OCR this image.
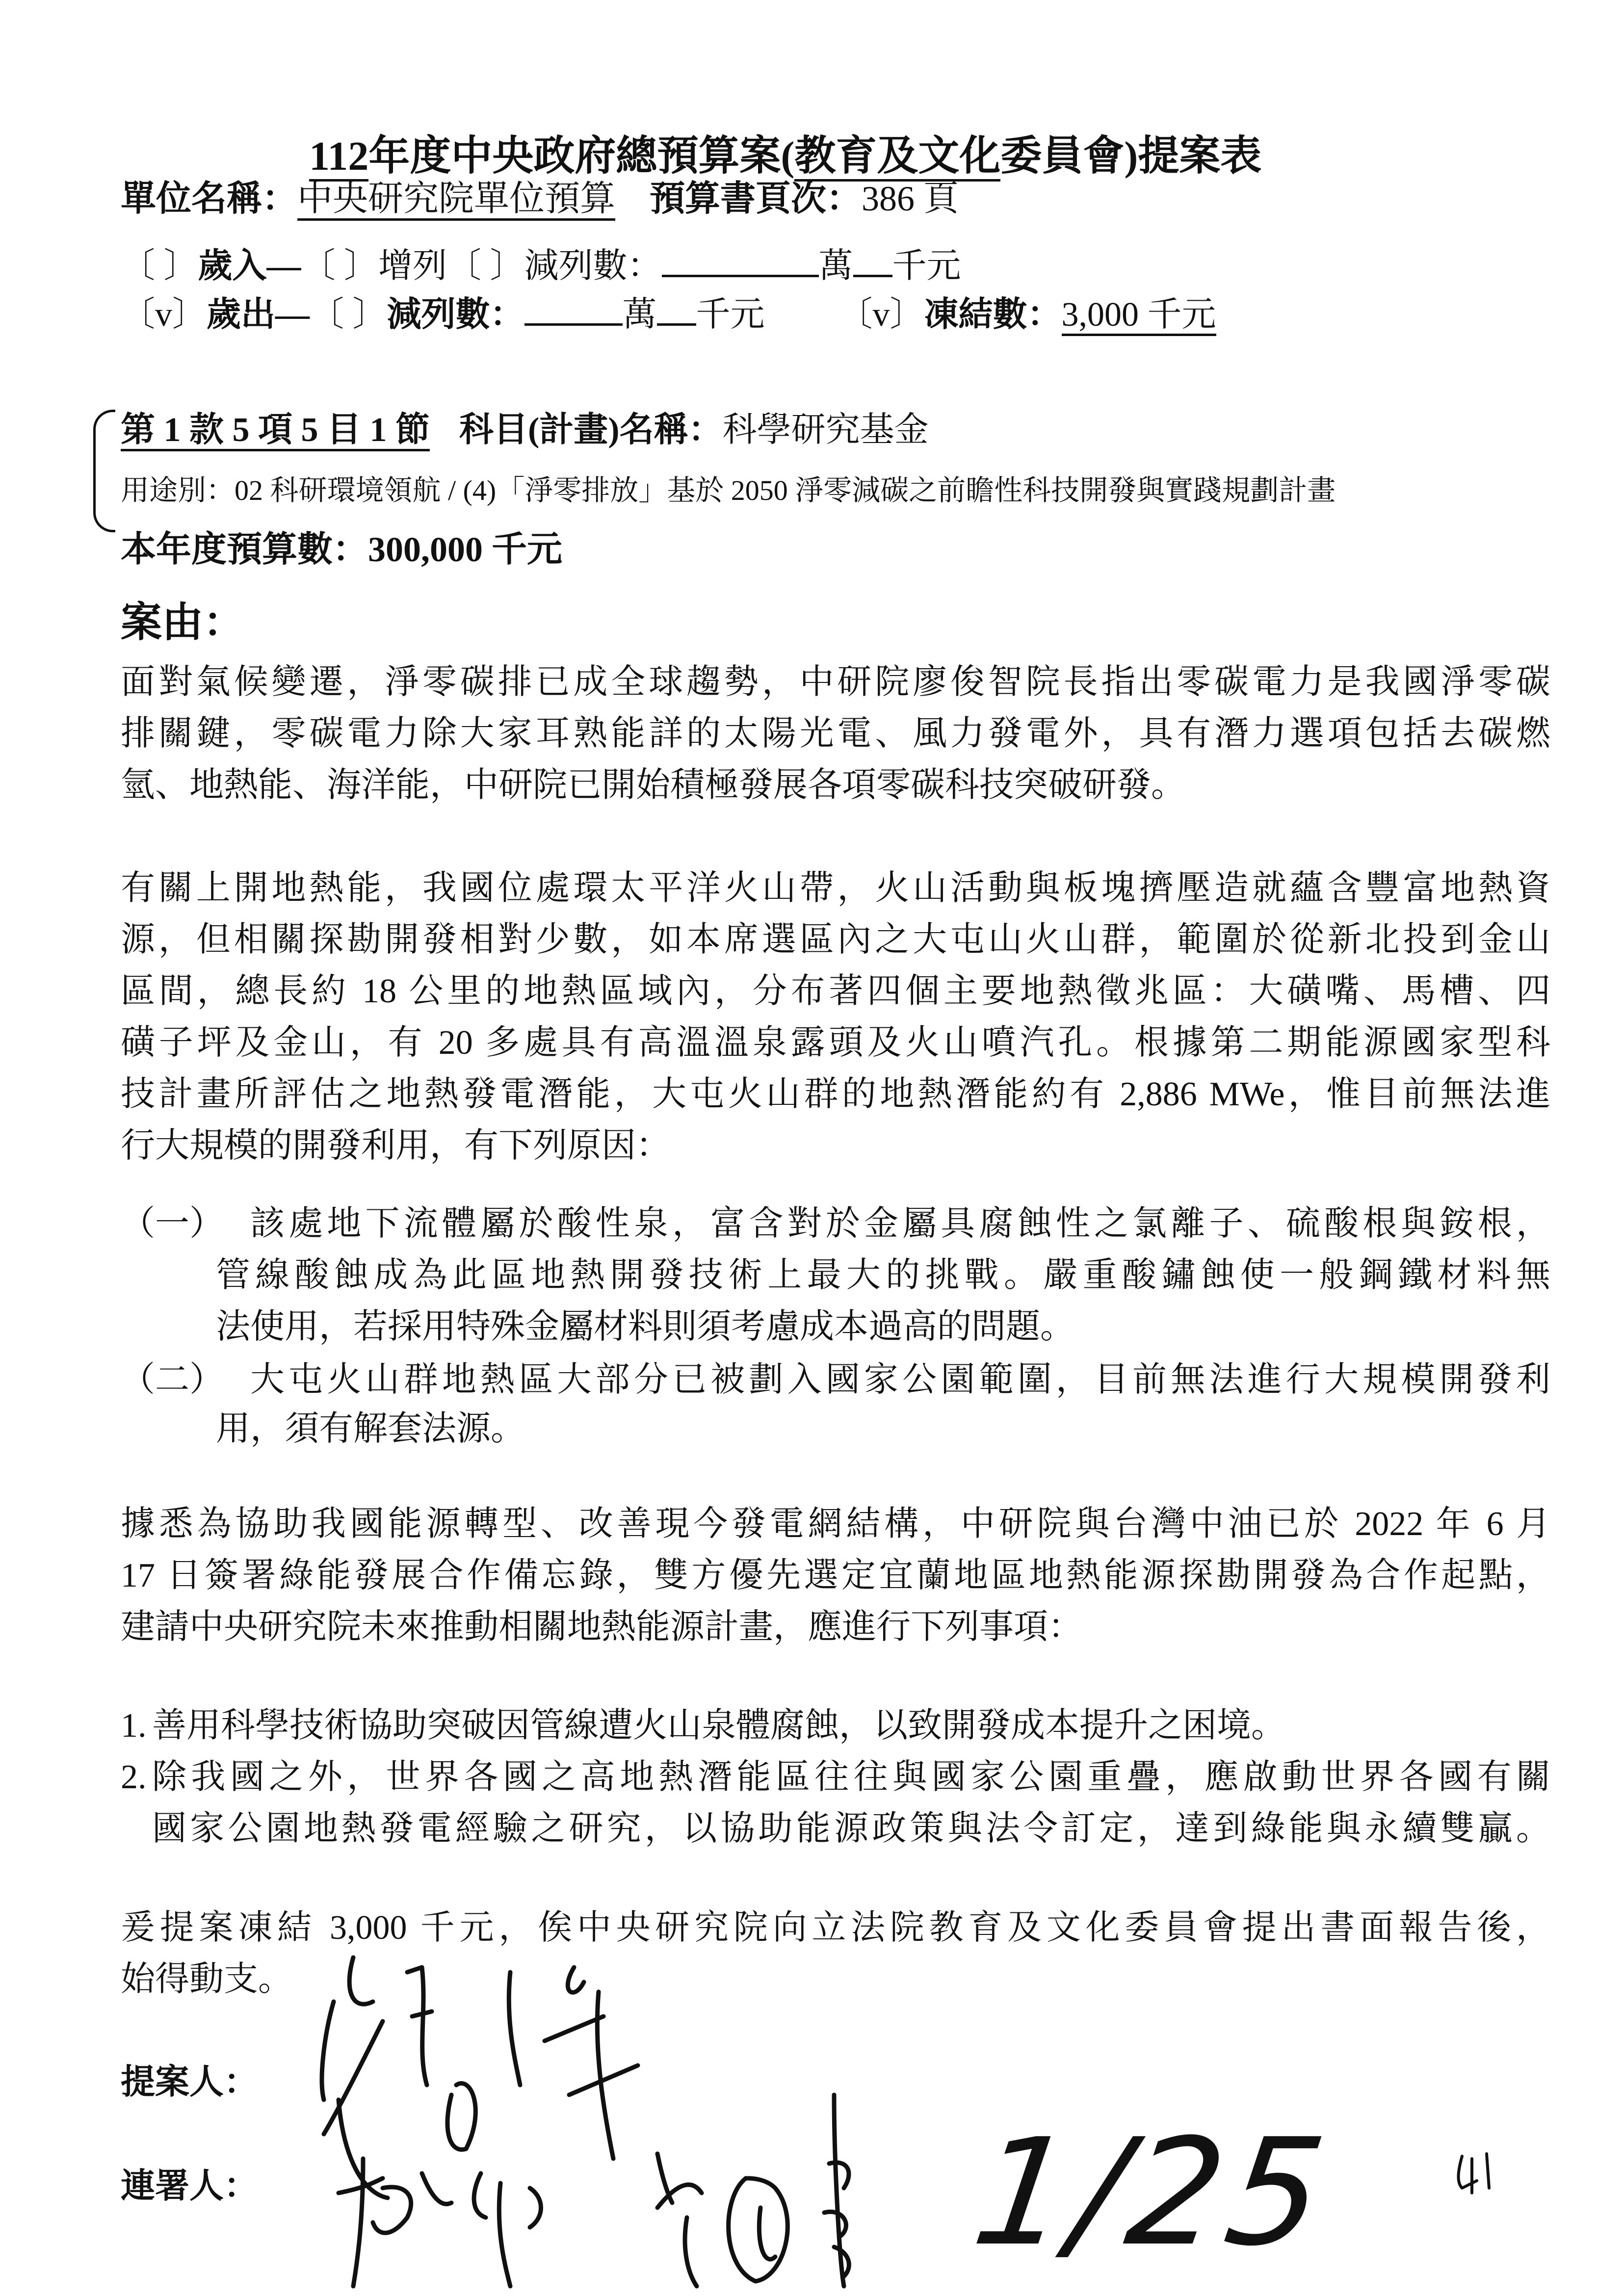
112年度中央政府總預算案(教育及文化委員會)提案表
單位名稱：中央研究院單位預算 預算書頁次：386 頁
〔 〕歲入—〔 〕增列〔 〕減列數：	萬 千元
〔v〕歲出—〔 〕減列數：	萬 千元 〔v〕凍結數：3,000 千元
第 1 款 5 項 5 目 1 節 科目(計畫)名稱：科學研究基金
用途別：02 科研環境領航 / (4)「淨零排放」基於 2050 淨零減碳之前瞻性科技開發與實踐規劃計畫
本年度預算數：300,000 千元
案由：
面對氣候變遷，淨零碳排已成全球趨勢，中研院廖俊智院長指出零碳電力是我國淨零碳
排關鍵，零碳電力除大家耳熟能詳的太陽光電、風力發電外，具有潛力選項包括去碳燃
氫、地熱能、海洋能，中研院已開始積極發展各項零碳科技突破研發。
有關上開地熱能，我國位處環太平洋火山帶，火山活動與板塊擠壓造就蘊含豐富地熱資
源，但相關探勘開發相對少數，如本席選區內之大屯山火山群，範圍於從新北投到金山
區間，總長約 18 公里的地熱區域內，分布著四個主要地熱徵兆區：大磺嘴、馬槽、四
磺子坪及金山，有 20 多處具有高溫溫泉露頭及火山噴汽孔。根據第二期能源國家型科
技計畫所評估之地熱發電潛能，大屯火山群的地熱潛能約有 2,886 MWe，惟目前無法進
行大規模的開發利用，有下列原因：
（一） 該處地下流體屬於酸性泉，富含對於金屬具腐蝕性之氯離子、硫酸根與銨根，
管線酸蝕成為此區地熱開發技術上最大的挑戰。嚴重酸鏽蝕使一般鋼鐵材料無
法使用，若採用特殊金屬材料則須考慮成本過高的問題。
（二） 大屯火山群地熱區大部分已被劃入國家公園範圍，目前無法進行大規模開發利
用，須有解套法源。
據悉為協助我國能源轉型、改善現今發電網結構，中研院與台灣中油已於 2022 年 6 月
17 日簽署綠能發展合作備忘錄，雙方優先選定宜蘭地區地熱能源探勘開發為合作起點，
建請中央研究院未來推動相關地熱能源計畫，應進行下列事項：
1. 善用科學技術協助突破因管線遭火山泉體腐蝕，以致開發成本提升之困境。
2. 除我國之外，世界各國之高地熱潛能區往往與國家公園重疊，應啟動世界各國有關
國家公園地熱發電經驗之研究，以協助能源政策與法令訂定，達到綠能與永續雙贏。
爰提案凍結 3,000 千元，俟中央研究院向立法院教育及文化委員會提出書面報告後，
始得動支。
提案人：
連署人：	1/25
